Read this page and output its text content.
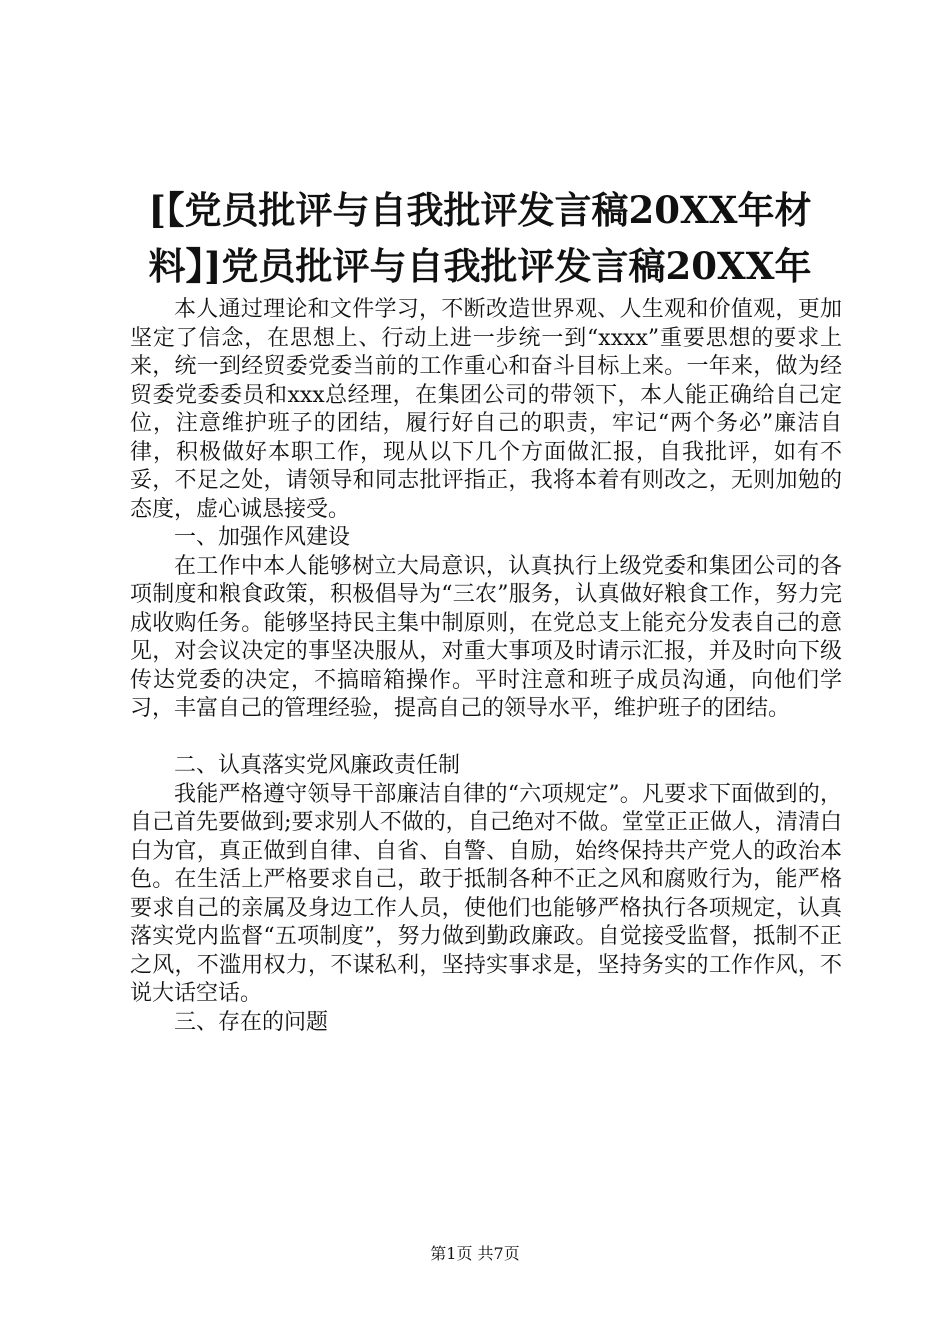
[【党员批评与自我批评发言稿20XX年材
料】]党员批评与自我批评发言稿20XX年

本人通过理论和文件学习，不断改造世界观、人生观和价值观，更加坚定了信念，在思想上、行动上进一步统一到“xxxx”重要思想的要求上来，统一到经贸委党委当前的工作重心和奋斗目标上来。一年来，做为经贸委党委委员和xxx总经理，在集团公司的带领下，本人能正确给自己定位，注意维护班子的团结，履行好自己的职责，牢记“两个务必”廉洁自律，积极做好本职工作，现从以下几个方面做汇报，自我批评，如有不妥，不足之处，请领导和同志批评指正，我将本着有则改之，无则加勉的态度，虚心诚恳接受。

一、加强作风建设

在工作中本人能够树立大局意识，认真执行上级党委和集团公司的各项制度和粮食政策，积极倡导为“三农”服务，认真做好粮食工作，努力完成收购任务。能够坚持民主集中制原则，在党总支上能充分发表自己的意见，对会议决定的事坚决服从，对重大事项及时请示汇报，并及时向下级传达党委的决定，不搞暗箱操作。平时注意和班子成员沟通，向他们学习，丰富自己的管理经验，提高自己的领导水平，维护班子的团结。

二、认真落实党风廉政责任制

我能严格遵守领导干部廉洁自律的“六项规定”。凡要求下面做到的，自己首先要做到;要求别人不做的，自己绝对不做。堂堂正正做人，清清白白为官，真正做到自律、自省、自警、自励，始终保持共产党人的政治本色。在生活上严格要求自己，敢于抵制各种不正之风和腐败行为，能严格要求自己的亲属及身边工作人员，使他们也能够严格执行各项规定，认真落实党内监督“五项制度”，努力做到勤政廉政。自觉接受监督，抵制不正之风，不滥用权力，不谋私利，坚持实事求是，坚持务实的工作作风，不说大话空话。

三、存在的问题

第1页 共7页
